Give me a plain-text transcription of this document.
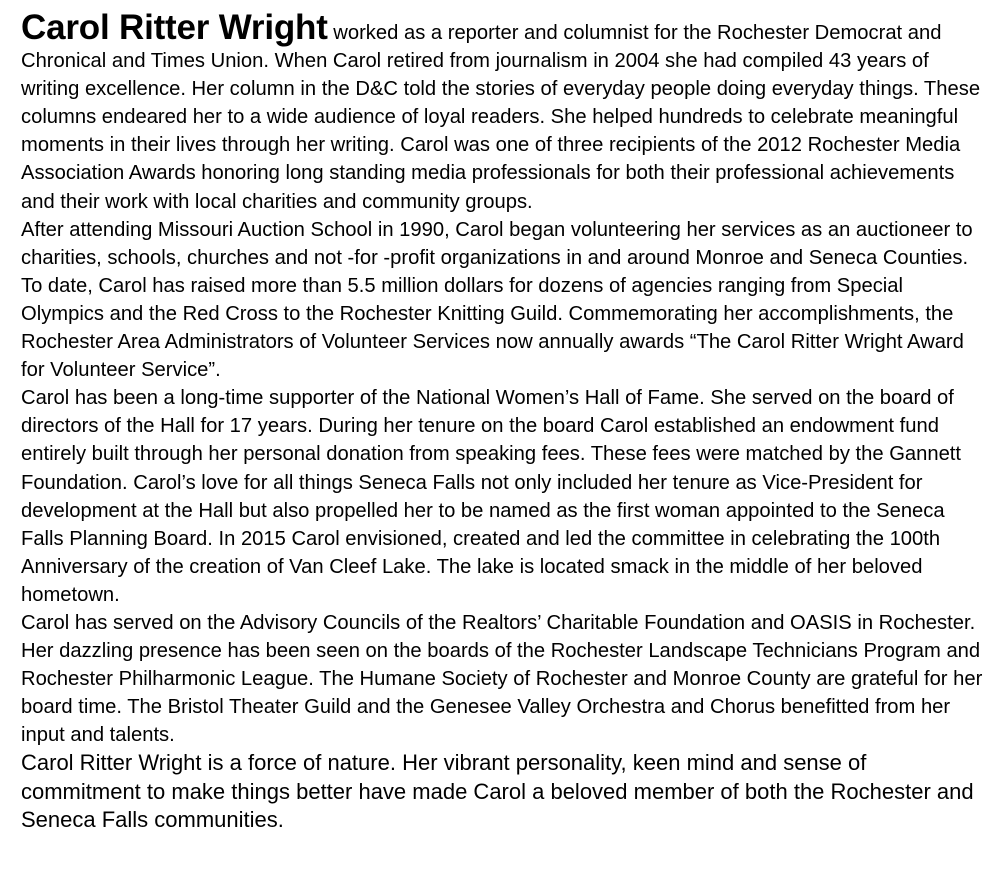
Carol Ritter Wright worked as a reporter and columnist for the Rochester Democrat and Chronical and Times Union. When Carol retired from journalism in 2004 she had compiled 43 years of writing excellence. Her column in the D&C told the stories of everyday people doing everyday things. These columns endeared her to a wide audience of loyal readers. She helped hundreds to celebrate meaningful moments in their lives through her writing. Carol was one of three recipients of the 2012 Rochester Media Association Awards honoring long standing media professionals for both their professional achievements and their work with local charities and community groups.

After attending Missouri Auction School in 1990, Carol began volunteering her services as an auctioneer to charities, schools, churches and not -for -profit organizations in and around Monroe and Seneca Counties. To date, Carol has raised more than 5.5 million dollars for dozens of agencies ranging from Special Olympics and the Red Cross to the Rochester Knitting Guild. Commemorating her accomplishments, the Rochester Area Administrators of Volunteer Services now annually awards “The Carol Ritter Wright Award for Volunteer Service”.

Carol has been a long-time supporter of the National Women’s Hall of Fame. She served on the board of directors of the Hall for 17 years. During her tenure on the board Carol established an endowment fund entirely built through her personal donation from speaking fees. These fees were matched by the Gannett Foundation. Carol’s love for all things Seneca Falls not only included her tenure as Vice-President for development at the Hall but also propelled her to be named as the first woman appointed to the Seneca Falls Planning Board. In 2015 Carol envisioned, created and led the committee in celebrating the 100th Anniversary of the creation of Van Cleef Lake. The lake is located smack in the middle of her beloved hometown.

Carol has served on the Advisory Councils of the Realtors’ Charitable Foundation and OASIS in Rochester. Her dazzling presence has been seen on the boards of the Rochester Landscape Technicians Program and Rochester Philharmonic League. The Humane Society of Rochester and Monroe County are grateful for her board time. The Bristol Theater Guild and the Genesee Valley Orchestra and Chorus benefitted from her input and talents.

Carol Ritter Wright is a force of nature. Her vibrant personality, keen mind and sense of commitment to make things better have made Carol a beloved member of both the Rochester and Seneca Falls communities.
